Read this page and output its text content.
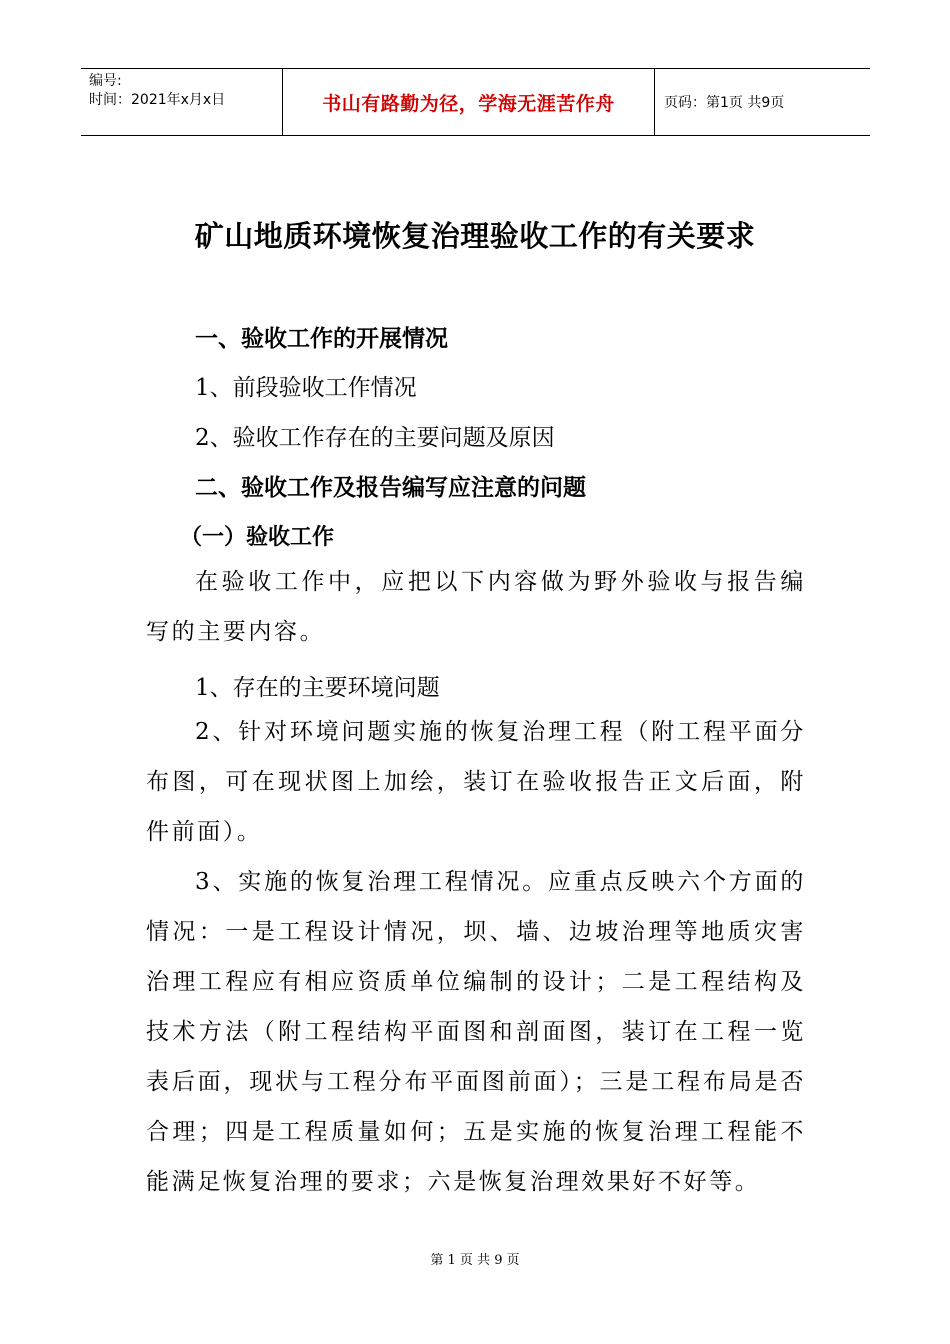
编号:
时间：2021年x月x日	书山有路勤为径，学海无涯苦作舟	页码：第1页 共9页
矿山地质环境恢复治理验收工作的有关要求
一、验收工作的开展情况
1、前段验收工作情况
2、验收工作存在的主要问题及原因
二、验收工作及报告编写应注意的问题
（一）验收工作

在验收工作中，应把以下内容做为野外验收与报告编写的主要内容。

1、存在的主要环境问题

2、针对环境问题实施的恢复治理工程（附工程平面分布图，可在现状图上加绘，装订在验收报告正文后面，附件前面）。

3、实施的恢复治理工程情况。应重点反映六个方面的情况：一是工程设计情况，坝、墙、边坡治理等地质灾害治理工程应有相应资质单位编制的设计；二是工程结构及技术方法（附工程结构平面图和剖面图，装订在工程一览表后面，现状与工程分布平面图前面）；三是工程布局是否合理；四是工程质量如何；五是实施的恢复治理工程能不能满足恢复治理的要求；六是恢复治理效果好不好等。

第 1 页 共 9 页
